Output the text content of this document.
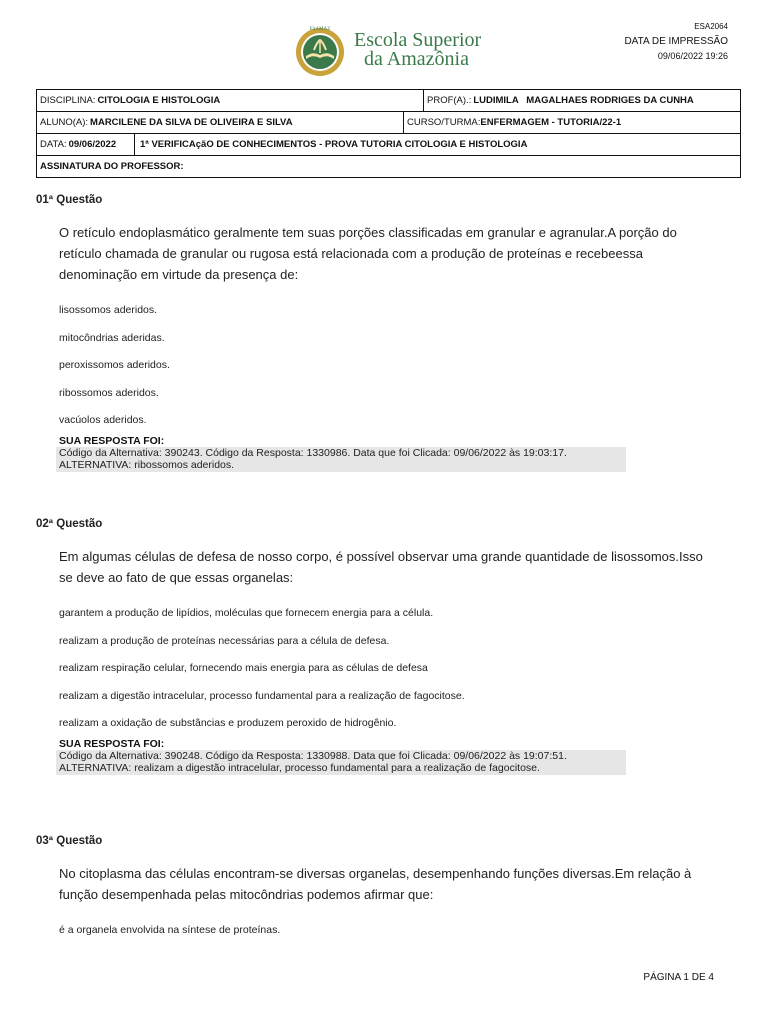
ESAMAZ Escola Superior
da Amazônia
ESA2064
DATA DE IMPRESSÃO
09/06/2022 19:26
DISCIPLINA: CITOLOGIA E HISTOLOGIA	PROF(A).: LUDIMILA   MAGALHAES RODRIGES DA CUNHA
ALUNO(A): MARCILENE DA SILVA DE OLIVEIRA E SILVA	CURSO/TURMA: ENFERMAGEM - TUTORIA/22-1
DATA: 09/06/2022	1ª VERIFICAçãO DE CONHECIMENTOS - PROVA TUTORIA CITOLOGIA E HISTOLOGIA
ASSINATURA DO PROFESSOR:
01ª Questão
O retículo endoplasmático geralmente tem suas porções classificadas em granular e agranular.A porção do retículo chamada de granular ou rugosa está relacionada com a produção de proteínas e recebeessa denominação em virtude da presença de:
lisossomos aderidos.
mitocôndrias aderidas.
peroxissomos aderidos.
ribossomos aderidos.
vacúolos aderidos.
SUA RESPOSTA FOI:
Código da Alternativa: 390243. Código da Resposta: 1330986. Data que foi Clicada: 09/06/2022 às 19:03:17. ALTERNATIVA: ribossomos aderidos.
02ª Questão
Em algumas células de defesa de nosso corpo, é possível observar uma grande quantidade de lisossomos.Isso se deve ao fato de que essas organelas:
garantem a produção de lipídios, moléculas que fornecem energia para a célula.
realizam a produção de proteínas necessárias para a célula de defesa.
realizam respiração celular, fornecendo mais energia para as células de defesa
realizam a digestão intracelular, processo fundamental para a realização de fagocitose.
realizam a oxidação de substâncias e produzem peroxido de hidrogênio.
SUA RESPOSTA FOI:
Código da Alternativa: 390248. Código da Resposta: 1330988. Data que foi Clicada: 09/06/2022 às 19:07:51. ALTERNATIVA: realizam a digestão intracelular, processo fundamental para a realização de fagocitose.
03ª Questão
No citoplasma das células encontram-se diversas organelas, desempenhando funções diversas.Em relação à função desempenhada pelas mitocôndrias podemos afirmar que:
é a organela envolvida na síntese de proteínas.
PÁGINA 1 DE 4
